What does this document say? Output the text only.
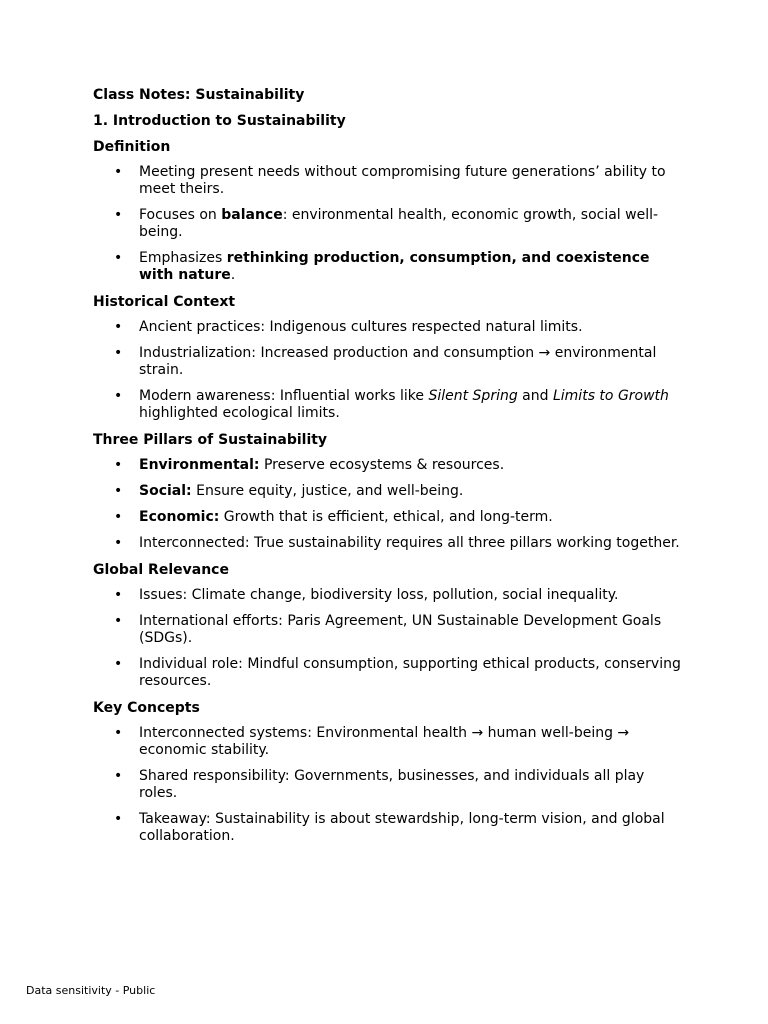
Class Notes: Sustainability
1. Introduction to Sustainability
Definition
• Meeting present needs without compromising future generations’ ability to meet theirs.
• Focuses on balance: environmental health, economic growth, social well-being.
• Emphasizes rethinking production, consumption, and coexistence with nature.
Historical Context
• Ancient practices: Indigenous cultures respected natural limits.
• Industrialization: Increased production and consumption → environmental strain.
• Modern awareness: Influential works like Silent Spring and Limits to Growth highlighted ecological limits.
Three Pillars of Sustainability
• Environmental: Preserve ecosystems & resources.
• Social: Ensure equity, justice, and well-being.
• Economic: Growth that is efficient, ethical, and long-term.
• Interconnected: True sustainability requires all three pillars working together.
Global Relevance
• Issues: Climate change, biodiversity loss, pollution, social inequality.
• International efforts: Paris Agreement, UN Sustainable Development Goals (SDGs).
• Individual role: Mindful consumption, supporting ethical products, conserving resources.
Key Concepts
• Interconnected systems: Environmental health → human well-being → economic stability.
• Shared responsibility: Governments, businesses, and individuals all play roles.
• Takeaway: Sustainability is about stewardship, long-term vision, and global collaboration.
Data sensitivity - Public
